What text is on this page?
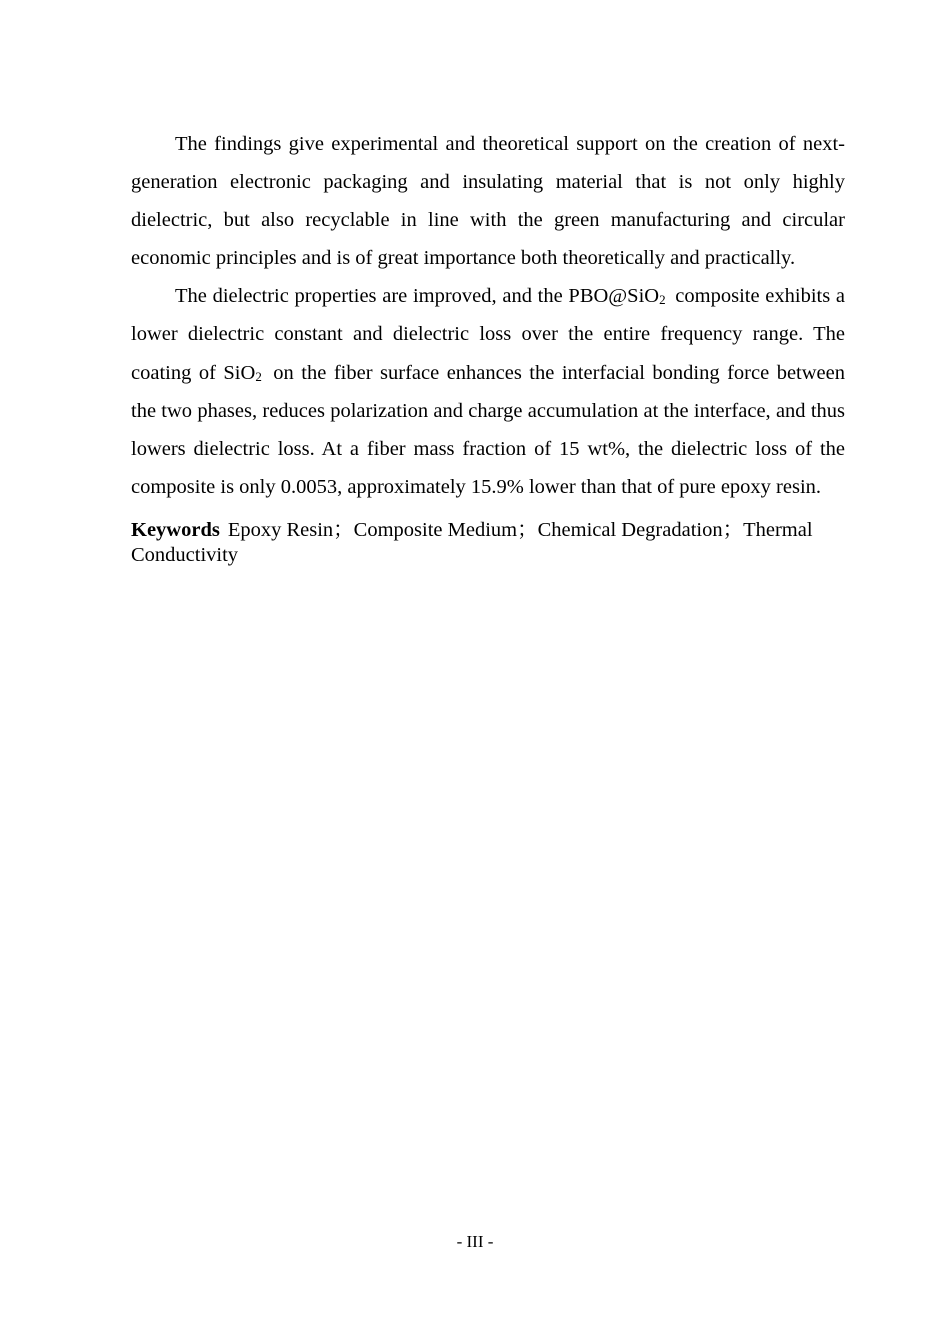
The findings give experimental and theoretical support on the creation of next-generation electronic packaging and insulating material that is not only highly dielectric, but also recyclable in line with the green manufacturing and circular economic principles and is of great importance both theoretically and practically.

The dielectric properties are improved, and the PBO@SiO2 composite exhibits a lower dielectric constant and dielectric loss over the entire frequency range. The coating of SiO2 on the fiber surface enhances the interfacial bonding force between the two phases, reduces polarization and charge accumulation at the interface, and thus lowers dielectric loss. At a fiber mass fraction of 15 wt%, the dielectric loss of the composite is only 0.0053, approximately 15.9% lower than that of pure epoxy resin.

Keywords Epoxy Resin；Composite Medium；Chemical Degradation；Thermal Conductivity

- III -
